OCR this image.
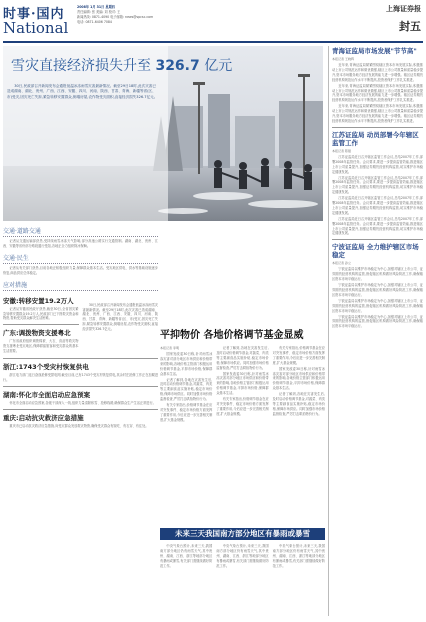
时事·国内
National
2008年 1月 31日 星期四
责任编辑: 张 美编: 刘 校对: 王
新闻热线: 0871-4090 电子邮箱: news@spcsc.com
电话: 0871-6406 7084
上海证券报
封五
雪灾直接经济损失升至 326.7 亿元
30日,民政部召开新闻发布会通报低温冰冻雨雪灾害最新情况。截至29日18时,此次灾害已造成湖南、湖北、贵州、广西、江西、安徽、四川、河南、陕西、甘肃、青海、新疆等省(区、市)受灾,因灾死亡失踪,紧急转移安置群众,倒塌房屋,农作物受灾面积,直接经济损失326.7亿元。
交通·道路交通

记者从交通运输部获悉,受持续雨雪冰冻天气影响,部分高速公路实行交通管制。湖南、湖北、贵州、江西、安徽等省份部分路段通行受阻,各地正全力组织除冰保畅。

交通·民生

记者从有关部门获悉,目前各地正积极组织力量,保障群众基本生活。受灾地区供电、供水等基础设施逐步恢复,商品供应总体稳定。

应对措施
安徽:转移安置19.2万人

记者从安徽省民政厅获悉,截至30日,全省因灾紧急转移安置群众19.2万人,民政部门已下拨救灾资金和物资,帮助受灾群众解决生活困难。

广东:调拨物资支援粤北

广东省政府组织调拨棉被、大衣、食品等救灾物资支援粤北受灾地区,保障滞留旅客和受灾群众的基本生活需要。

30日,民政部召开新闻发布会通报低温冰冻雨雪灾害最新情况。截至29日18时,此次灾害已造成湖南、湖北、贵州、广西、江西、安徽、四川、河南、陕西、甘肃、青海、新疆等省(区、市)受灾,因灾死亡失踪,紧急转移安置群众,倒塌房屋,农作物受灾面积,直接经济损失326.7亿元。

浙江:1743个受灾村恢复供电

浙江电力部门连日奋战抢修受损电网,截至目前,已有1743个受灾村恢复供电,其余村庄抢修工作正在加紧进行。

湖南:怀化市全面启动应急预案

怀化市全面启动应急预案,各级干部深入一线,组织力量清除积雪、抢修线路,确保群众生产生活正常进行。

重庆:启动抗灾救济应急措施

重庆市已启动抗灾救济应急措施,向受灾群众发放救灾物资,确保受灾群众有饭吃、有衣穿、有住处。

平抑物价 各地价格调节基金显威
本报记者 李明

国家发改委30日称,针对雨雪冰冻灾害对部分地区市场供应和价格带来的影响,各地价格主管部门积极运用价格调节基金,平抑市场价格,保障群众基本生活。

记者了解到,各地在灾害发生后,及时启动价格调节基金,对蔬菜、肉类等主要副食品实施补贴,稳定市场价格,保障市场供应。同时加强市场价格监督检查,严厉打击哄抬物价行为。

有关专家指出,价格调节基金在应对突发事件、稳定市场价格方面发挥了重要作用,今后应进一步完善相关制度,扩大基金规模。

记者了解到,各地在灾害发生后,及时启动价格调节基金,对蔬菜、肉类等主要副食品实施补贴,稳定市场价格,保障市场供应。同时加强市场价格监督检查,严厉打击哄抬物价行为。

国家发改委30日称,针对雨雪冰冻灾害对部分地区市场供应和价格带来的影响,各地价格主管部门积极运用价格调节基金,平抑市场价格,保障群众基本生活。

有关专家指出,价格调节基金在应对突发事件、稳定市场价格方面发挥了重要作用,今后应进一步完善相关制度,扩大基金规模。

有关专家指出,价格调节基金在应对突发事件、稳定市场价格方面发挥了重要作用,今后应进一步完善相关制度,扩大基金规模。

国家发改委30日称,针对雨雪冰冻灾害对部分地区市场供应和价格带来的影响,各地价格主管部门积极运用价格调节基金,平抑市场价格,保障群众基本生活。

记者了解到,各地在灾害发生后,及时启动价格调节基金,对蔬菜、肉类等主要副食品实施补贴,稳定市场价格,保障市场供应。同时加强市场价格监督检查,严厉打击哄抬物价行为。

未来三天我国南方部分地区有暴雨或暴雪

中央气象台预计,未来三天,我国南方部分地区仍有雨雪天气,其中贵州、湖南、江西、浙江等地部分地区有暴雨或暴雪,有关部门需继续做好防范工作。

中央气象台预计,未来三天,我国南方部分地区仍有雨雪天气,其中贵州、湖南、江西、浙江等地部分地区有暴雨或暴雪,有关部门需继续做好防范工作。

中央气象台预计,未来三天,我国南方部分地区仍有雨雪天气,其中贵州、湖南、江西、浙江等地部分地区有暴雨或暴雪,有关部门需继续做好防范工作。

青海证监局市场发展"节节高"
本报记者 王晓辉

近年来,青海证监局紧紧围绕辖区资本市场发展实际,积极推动上市公司规范运作和做优做强,辖区上市公司数量和质量稳步提升,资本市场服务地方经济发展的能力进一步增强。辖区证券期货经营机构规范运作水平不断提高,投资者保护工作扎实推进。

近年来,青海证监局紧紧围绕辖区资本市场发展实际,积极推动上市公司规范运作和做优做强,辖区上市公司数量和质量稳步提升,资本市场服务地方经济发展的能力进一步增强。辖区证券期货经营机构规范运作水平不断提高,投资者保护工作扎实推进。

近年来,青海证监局紧紧围绕辖区资本市场发展实际,积极推动上市公司规范运作和做优做强,辖区上市公司数量和质量稳步提升,资本市场服务地方经济发展的能力进一步增强。辖区证券期货经营机构规范运作水平不断提高,投资者保护工作扎实推进。

江苏证监局 动员部署今年辖区监管工作
本报记者 陈强

江苏证监局近日召开辖区监管工作会议,总结2007年工作,部署2008年监管任务。会议要求,要进一步提高监管效能,推进辖区上市公司质量提升,加强证券期货经营机构监管,切实维护市场稳定健康发展。

江苏证监局近日召开辖区监管工作会议,总结2007年工作,部署2008年监管任务。会议要求,要进一步提高监管效能,推进辖区上市公司质量提升,加强证券期货经营机构监管,切实维护市场稳定健康发展。

江苏证监局近日召开辖区监管工作会议,总结2007年工作,部署2008年监管任务。会议要求,要进一步提高监管效能,推进辖区上市公司质量提升,加强证券期货经营机构监管,切实维护市场稳定健康发展。

江苏证监局近日召开辖区监管工作会议,总结2007年工作,部署2008年监管任务。会议要求,要进一步提高监管效能,推进辖区上市公司质量提升,加强证券期货经营机构监管,切实维护市场稳定健康发展。

宁波证监局 全力维护辖区市场稳定
本报记者 孙立

宁波证监局以维护市场稳定为中心,加强对辖区上市公司、证券期货经营机构的监管,督促辖区机构做好风险防范工作,确保辖区资本市场平稳运行。

宁波证监局以维护市场稳定为中心,加强对辖区上市公司、证券期货经营机构的监管,督促辖区机构做好风险防范工作,确保辖区资本市场平稳运行。

宁波证监局以维护市场稳定为中心,加强对辖区上市公司、证券期货经营机构的监管,督促辖区机构做好风险防范工作,确保辖区资本市场平稳运行。

宁波证监局以维护市场稳定为中心,加强对辖区上市公司、证券期货经营机构的监管,督促辖区机构做好风险防范工作,确保辖区资本市场平稳运行。
